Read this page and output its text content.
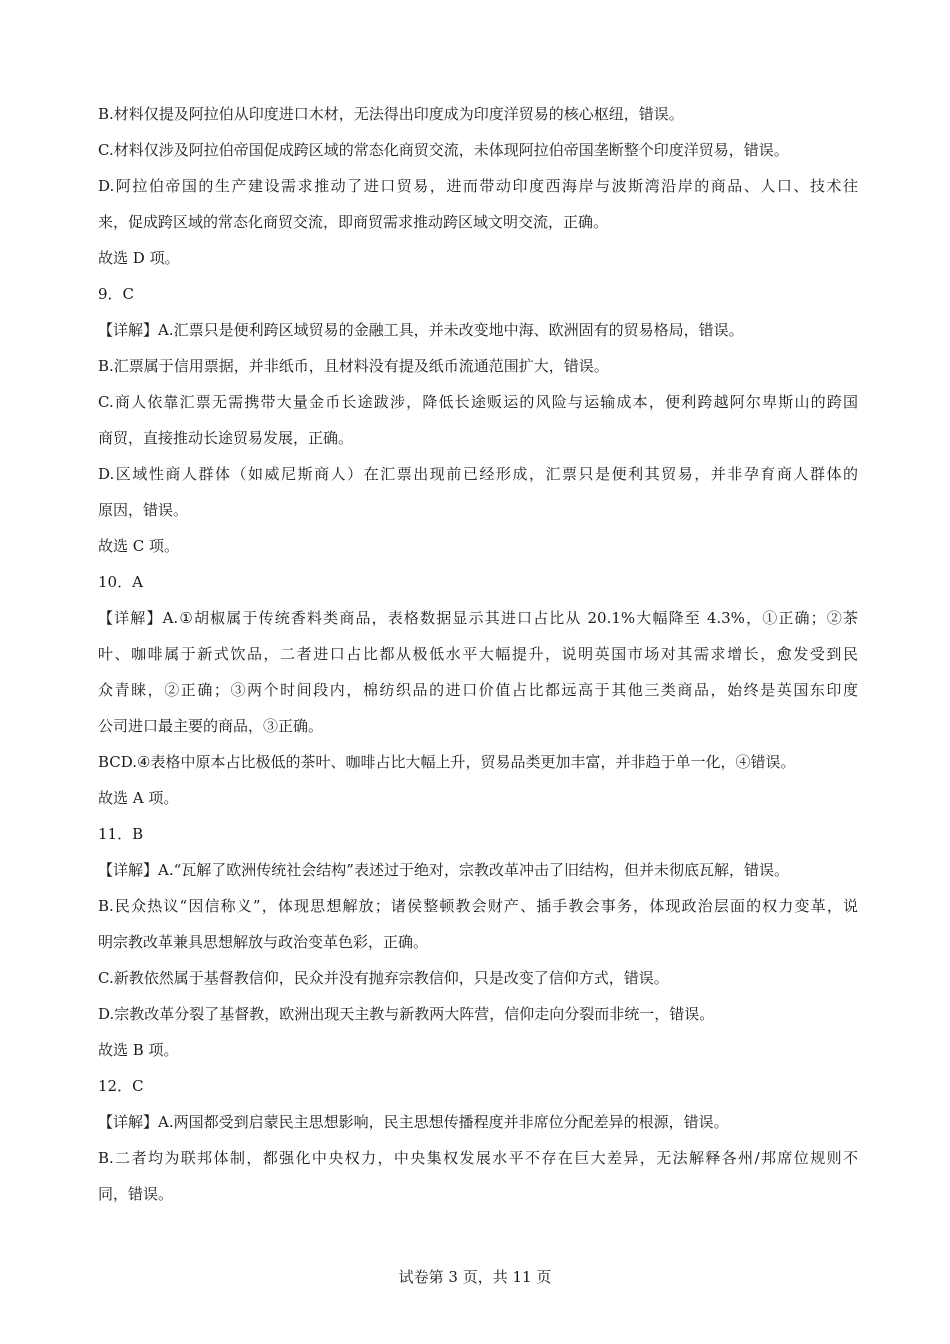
B.材料仅提及阿拉伯从印度进口木材，无法得出印度成为印度洋贸易的核心枢纽，错误。
C.材料仅涉及阿拉伯帝国促成跨区域的常态化商贸交流，未体现阿拉伯帝国垄断整个印度洋贸易，错误。
D.阿拉伯帝国的生产建设需求推动了进口贸易，进而带动印度西海岸与波斯湾沿岸的商品、人口、技术往
来，促成跨区域的常态化商贸交流，即商贸需求推动跨区域文明交流，正确。
故选 D 项。
9．C
【详解】A.汇票只是便利跨区域贸易的金融工具，并未改变地中海、欧洲固有的贸易格局，错误。
B.汇票属于信用票据，并非纸币，且材料没有提及纸币流通范围扩大，错误。
C.商人依靠汇票无需携带大量金币长途跋涉，降低长途贩运的风险与运输成本，便利跨越阿尔卑斯山的跨国
商贸，直接推动长途贸易发展，正确。
D.区域性商人群体（如威尼斯商人）在汇票出现前已经形成，汇票只是便利其贸易，并非孕育商人群体的
原因，错误。
故选 C 项。
10．A
【详解】A.①胡椒属于传统香料类商品，表格数据显示其进口占比从 20.1%大幅降至 4.3%，①正确；②茶
叶、咖啡属于新式饮品，二者进口占比都从极低水平大幅提升，说明英国市场对其需求增长，愈发受到民
众青睐，②正确；③两个时间段内，棉纺织品的进口价值占比都远高于其他三类商品，始终是英国东印度
公司进口最主要的商品，③正确。
BCD.④表格中原本占比极低的茶叶、咖啡占比大幅上升，贸易品类更加丰富，并非趋于单一化，④错误。
故选 A 项。
11．B
【详解】A.“瓦解了欧洲传统社会结构”表述过于绝对，宗教改革冲击了旧结构，但并未彻底瓦解，错误。
B.民众热议“因信称义”，体现思想解放；诸侯整顿教会财产、插手教会事务，体现政治层面的权力变革，说
明宗教改革兼具思想解放与政治变革色彩，正确。
C.新教依然属于基督教信仰，民众并没有抛弃宗教信仰，只是改变了信仰方式，错误。
D.宗教改革分裂了基督教，欧洲出现天主教与新教两大阵营，信仰走向分裂而非统一，错误。
故选 B 项。
12．C
【详解】A.两国都受到启蒙民主思想影响，民主思想传播程度并非席位分配差异的根源，错误。
B.二者均为联邦体制，都强化中央权力，中央集权发展水平不存在巨大差异，无法解释各州/邦席位规则不
同，错误。
试卷第 3 页，共 11 页
